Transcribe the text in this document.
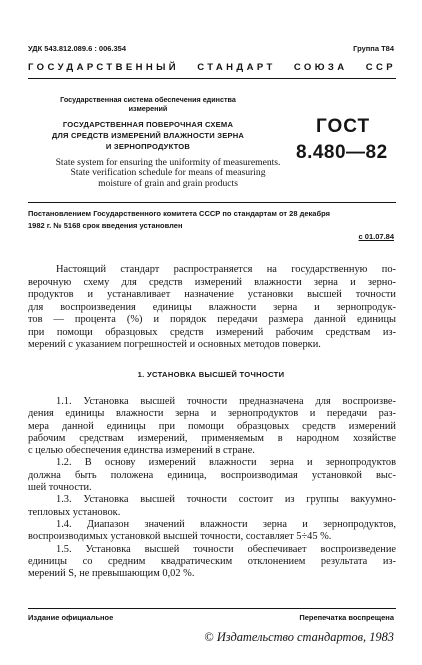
УДК 543.812.089.6 : 006.354	Группа Т84
ГОСУДАРСТВЕННЫЙ СТАНДАРТ СОЮЗА ССР
Государственная система обеспечения единства
измерений
ГОСУДАРСТВЕННАЯ ПОВЕРОЧНАЯ СХЕМА
ДЛЯ СРЕДСТВ ИЗМЕРЕНИЙ ВЛАЖНОСТИ ЗЕРНА
И ЗЕРНОПРОДУКТОВ
ГОСТ
8.480—82
State system for ensuring the uniformity of measurements.
State verification schedule for means of measuring
moisture of grain and grain products
Постановлением Государственного комитета СССР по стандартам от 28 декабря
1982 г. № 5168 срок введения установлен
с 01.07.84
Настоящий стандарт распространяется на государственную по-
верочную схему для средств измерений влажности зерна и зерно-
продуктов и устанавливает назначение установки высшей точности
для воспроизведения единицы влажности зерна и зернопродук-
тов — процента (%) и порядок передачи размера данной единицы
при помощи образцовых средств измерений рабочим средствам из-
мерений с указанием погрешностей и основных методов поверки.
1. УСТАНОВКА ВЫСШЕЙ ТОЧНОСТИ
1.1. Установка высшей точности предназначена для воспроизве-
дения единицы влажности зерна и зернопродуктов и передачи раз-
мера данной единицы при помощи образцовых средств измерений
рабочим средствам измерений, применяемым в народном хозяйстве
с целью обеспечения единства измерений в стране.
1.2. В основу измерений влажности зерна и зернопродуктов
должна быть положена единица, воспроизводимая установкой выс-
шей точности.
1.3. Установка высшей точности состоит из группы вакуумно-
тепловых установок.
1.4. Диапазон значений влажности зерна и зернопродуктов,
воспроизводимых установкой высшей точности, составляет 5÷45 %.
1.5. Установка высшей точности обеспечивает воспроизведение
единицы со средним квадратическим отклонением результата из-
мерений S, не превышающим 0,02 %.
Издание официальное	Перепечатка воспрещена
© Издательство стандартов, 1983
